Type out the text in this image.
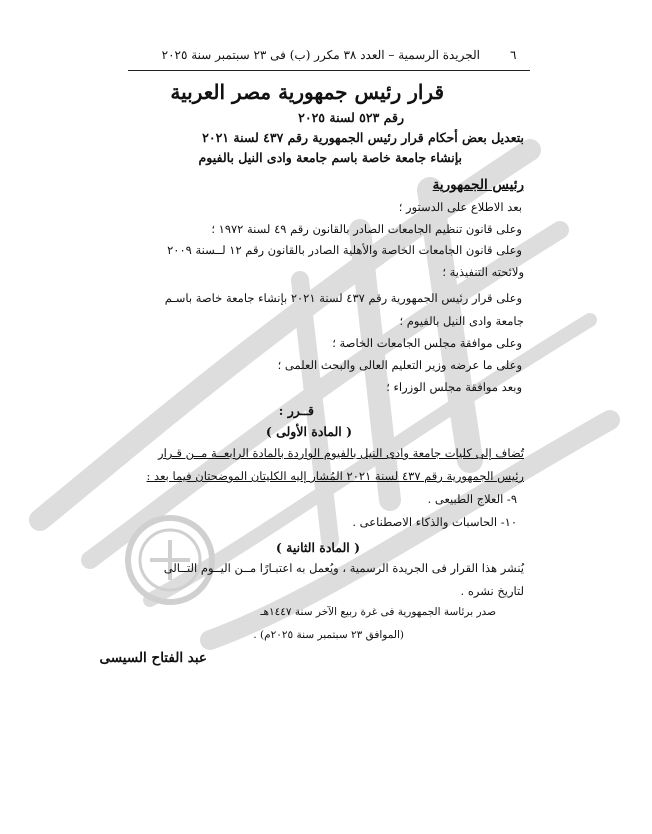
٦
الجريدة الرسمية – العدد ٣٨ مكرر (ب) فى ٢٣ سبتمبر سنة ٢٠٢٥
قرار رئيس جمهورية مصر العربية
رقم ٥٢٣ لسنة ٢٠٢٥
بتعديل بعض أحكام قرار رئيس الجمهورية رقم ٤٣٧ لسنة ٢٠٢١
بإنشاء جامعة خاصة باسم جامعة وادى النيل بالفيوم
رئيس الجمهورية
بعد الاطلاع على الدستور ؛
وعلى قانون تنظيم الجامعات الصادر بالقانون رقم ٤٩ لسنة ١٩٧٢ ؛
وعلى قانون الجامعات الخاصة والأهلية الصادر بالقانون رقم ١٢ لــسنة ٢٠٠٩
ولائحته التنفيذية ؛
وعلى قرار رئيس الجمهورية رقم ٤٣٧ لسنة ٢٠٢١ بإنشاء جامعة خاصة باسـم
جامعة وادى النيل بالفيوم ؛
وعلى موافقة مجلس الجامعات الخاصة ؛
وعلى ما عرضه وزير التعليم العالى والبحث العلمى ؛
وبعد موافقة مجلس الوزراء ؛
قــرر :
( المادة الأولى )
تُضاف إلى كليات جامعة وادى النيل بالفيوم الواردة بالمادة الرابعــة مــن قـرار
رئيس الجمهورية رقم ٤٣٧ لسنة ٢٠٢١ المُشار إليه الكليتان الموضحتان فيما بعد :
٩- العلاج الطبيعى .
١٠- الحاسبات والذكاء الاصطناعى .
( المادة الثانية )
يُنشر هذا القرار فى الجريدة الرسمية ، ويُعمل به اعتبـارًا مــن اليــوم التــالى
لتاريخ نشره .
صدر برئاسة الجمهورية فى غرة ربيع الآخر سنة ١٤٤٧هـ
(الموافق ٢٣ سبتمبر سنة ٢٠٢٥م) .
عبد الفتاح السيسى
